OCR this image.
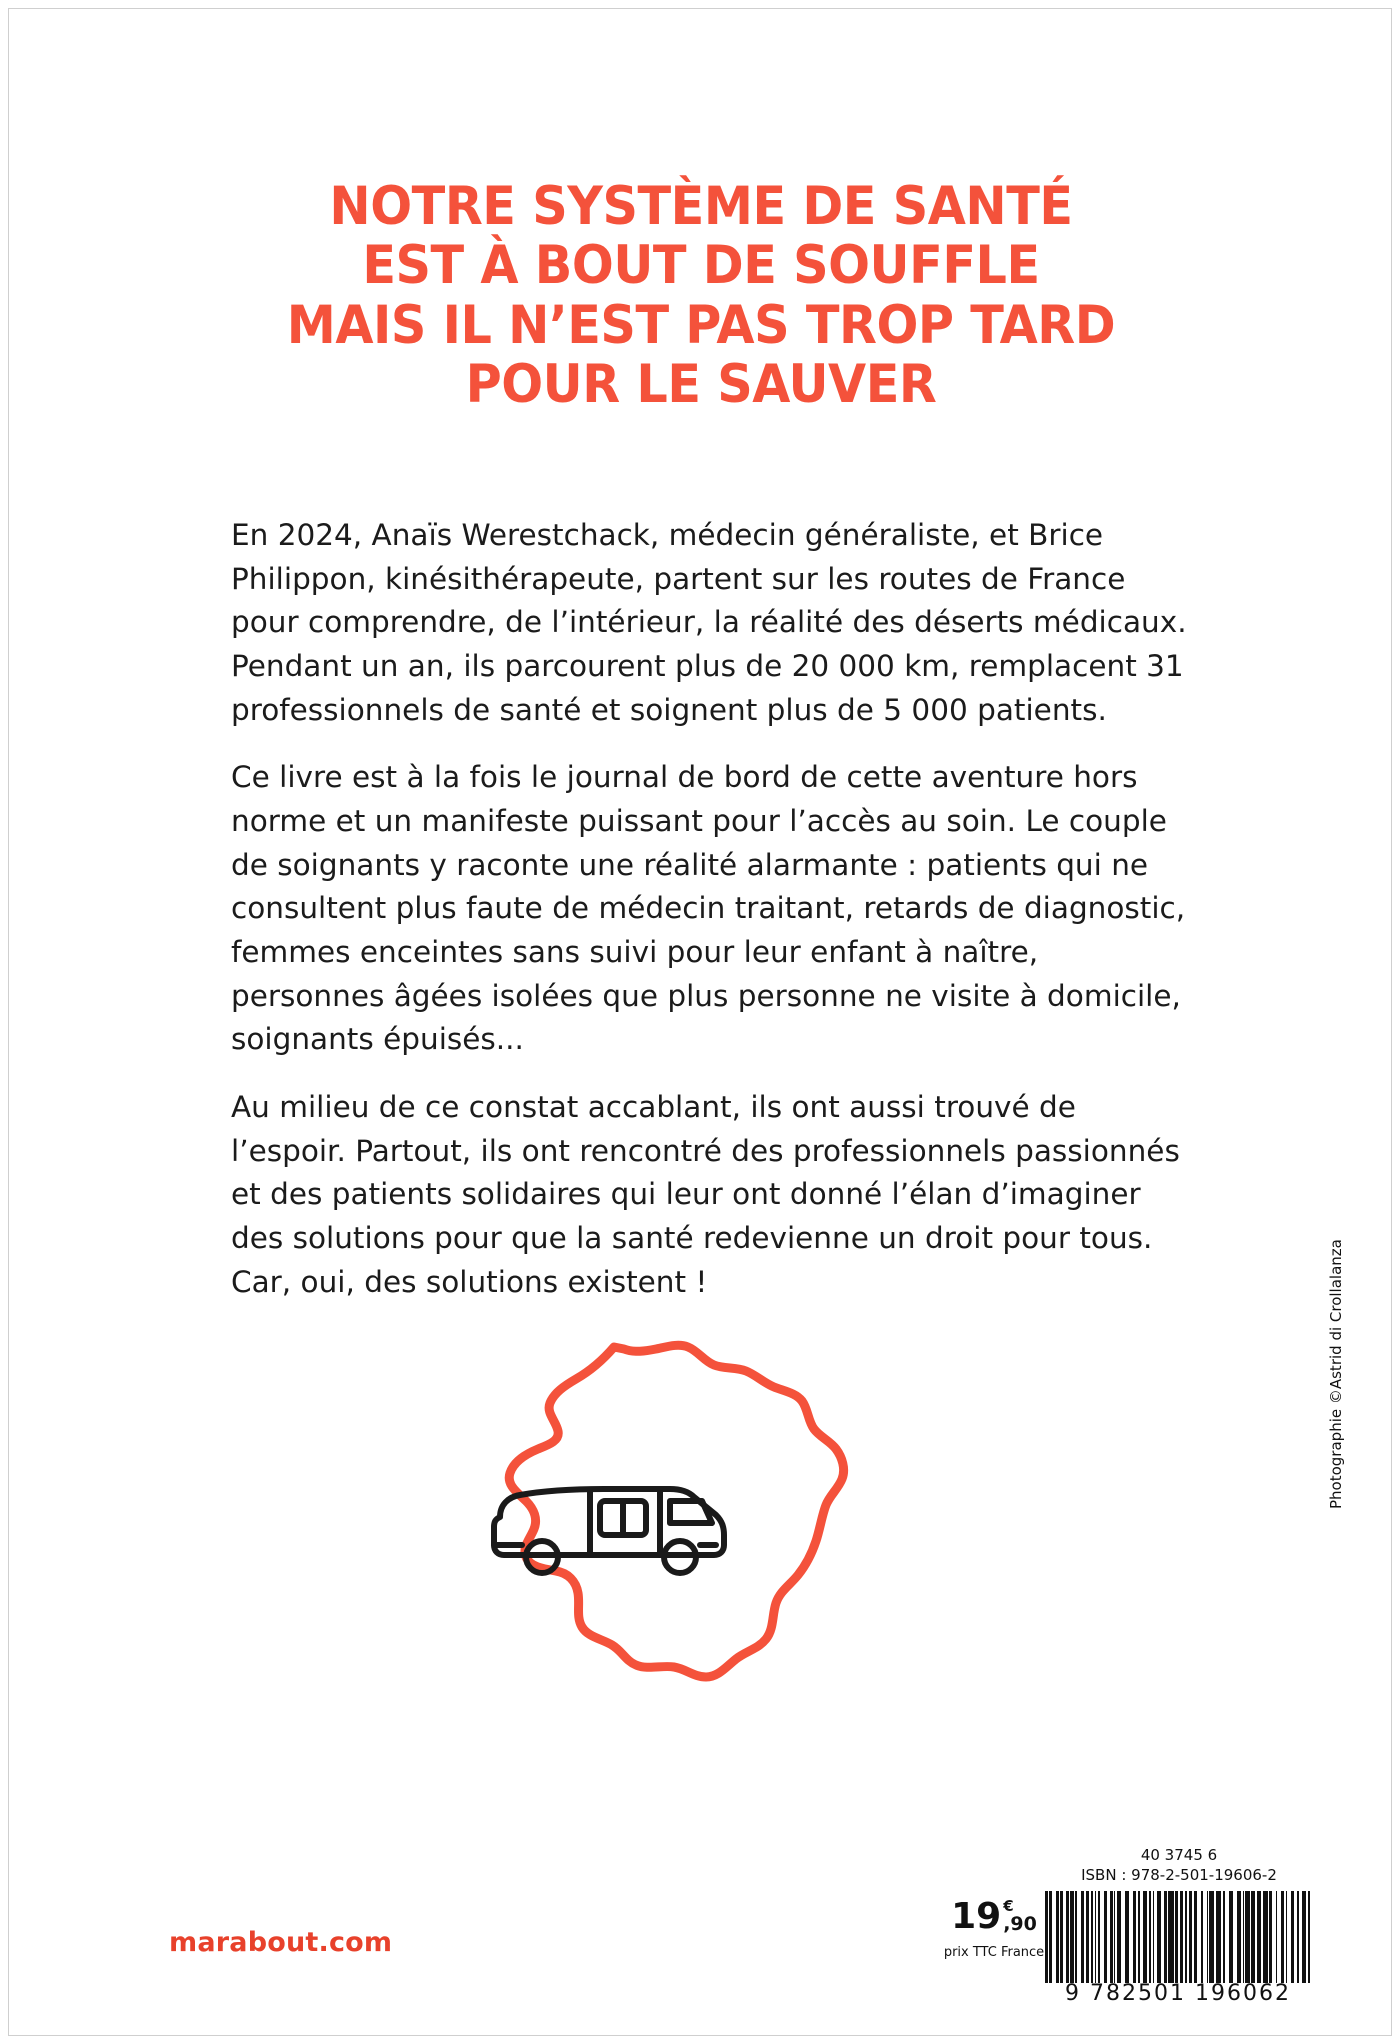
NOTRE SYSTÈME DE SANTÉ
EST À BOUT DE SOUFFLE
MAIS IL N’EST PAS TROP TARD
POUR LE SAUVER

En 2024, Anaïs Werestchack, médecin généraliste, et Brice Philippon, kinésithérapeute, partent sur les routes de France pour comprendre, de l’intérieur, la réalité des déserts médicaux. Pendant un an, ils parcourent plus de 20 000 km, remplacent 31 professionnels de santé et soignent plus de 5 000 patients.

Ce livre est à la fois le journal de bord de cette aventure hors norme et un manifeste puissant pour l’accès au soin. Le couple de soignants y raconte une réalité alarmante : patients qui ne consultent plus faute de médecin traitant, retards de diagnostic, femmes enceintes sans suivi pour leur enfant à naître, personnes âgées isolées que plus personne ne visite à domicile, soignants épuisés...

Au milieu de ce constat accablant, ils ont aussi trouvé de l’espoir. Partout, ils ont rencontré des professionnels passionnés et des patients solidaires qui leur ont donné l’élan d’imaginer des solutions pour que la santé redevienne un droit pour tous. Car, oui, des solutions existent !

marabout.com
19 €
,90
prix TTC France
40 3745 6
ISBN : 978-2-501-19606-2
9 782501 196062
Photographie ©Astrid di Crollalanza
